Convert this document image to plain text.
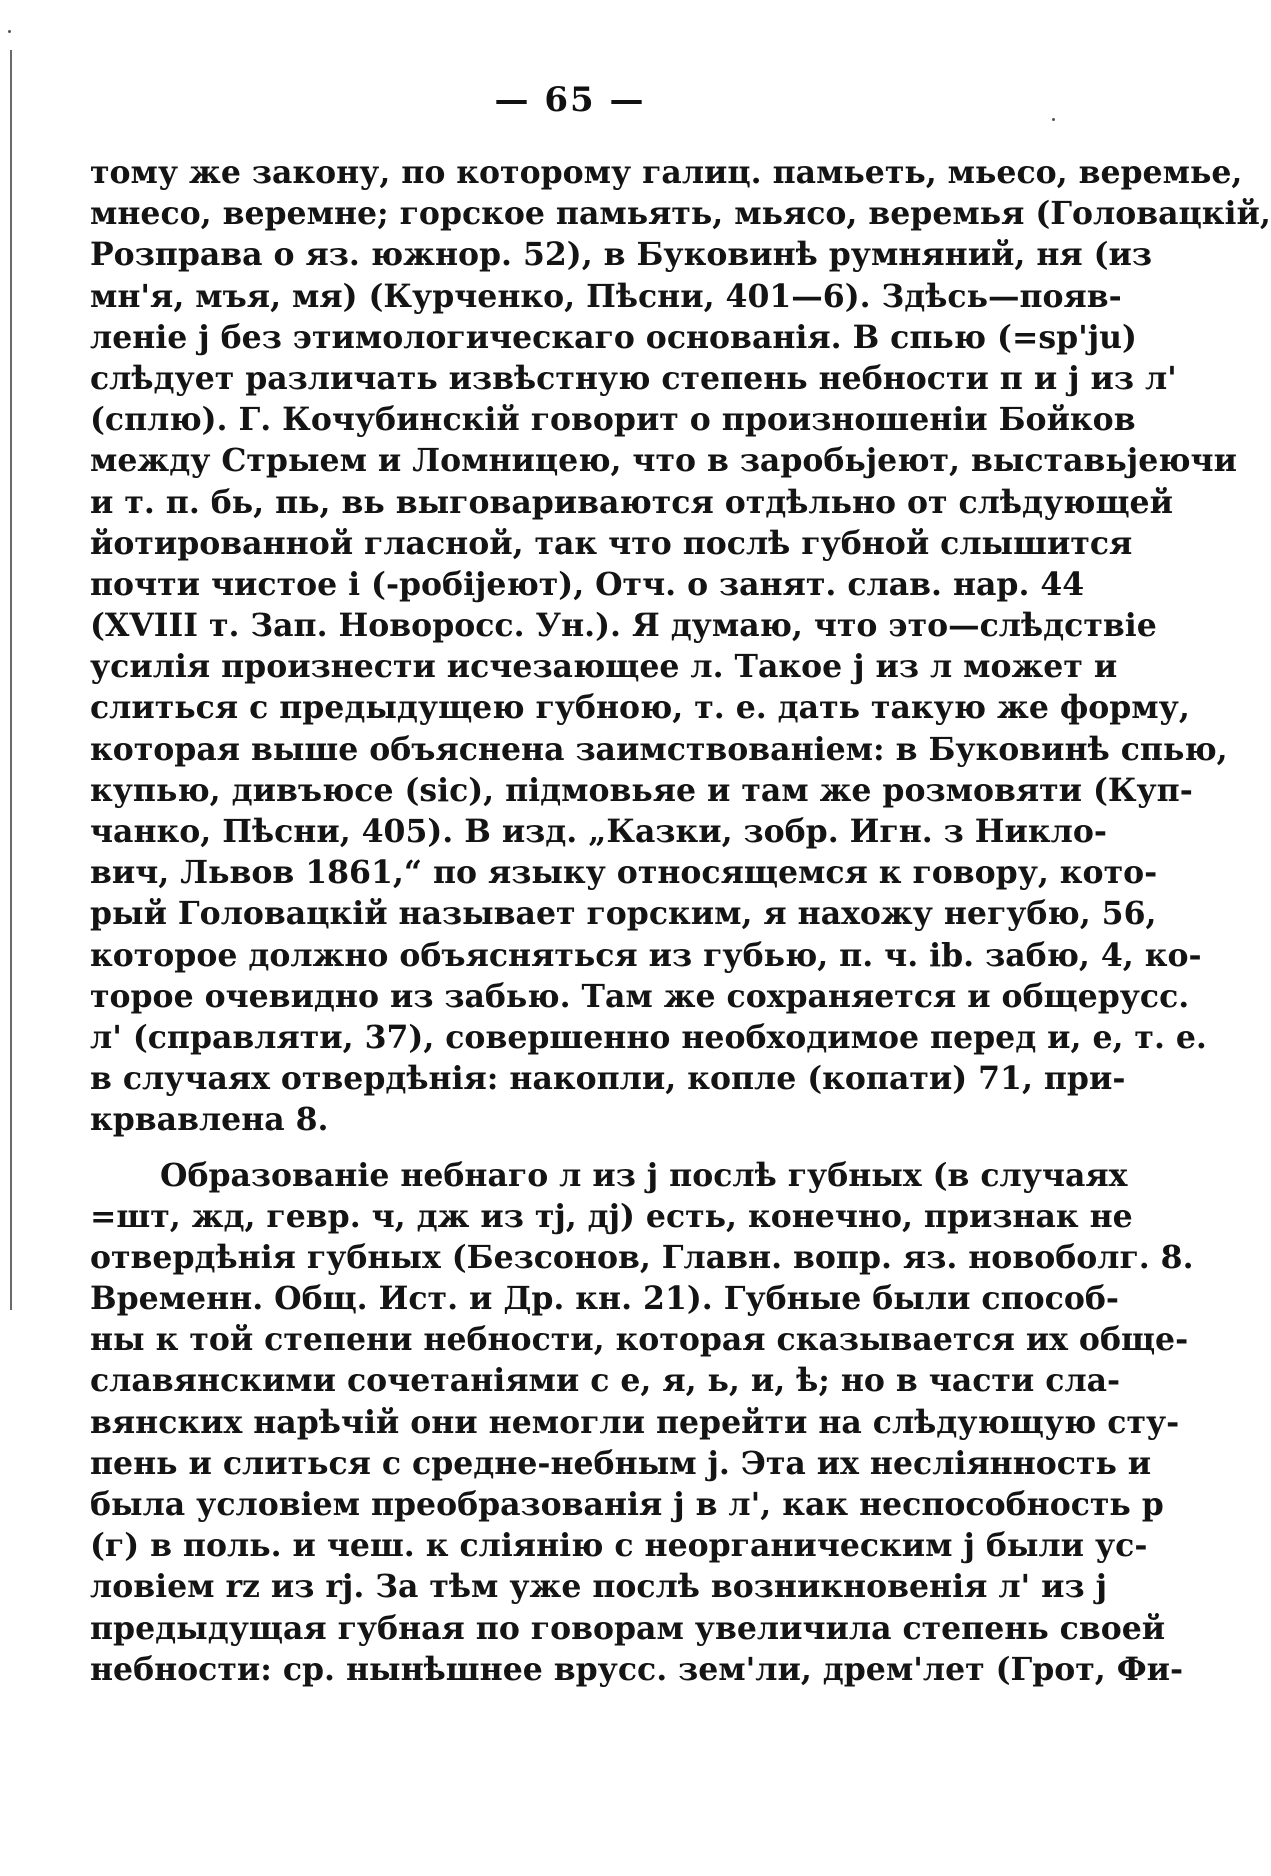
— 65 —
тому же закону, по которому галиц. памьеть, мьесо, веремье,
мнесо, веремне; горское памьять, мьясо, веремья (Головацкій,
Розправа о яз. южнор. 52), в Буковинѣ румняний, ня (из
мн'я, мъя, мя) (Курченко, Пѣсни, 401—6). Здѣсь—появ-
леніе j без этимологическаго основанія. В спью (=sp'ju)
слѣдует различать извѣстную степень небности п и j из л'
(сплю). Г. Кочубинскій говорит о произношеніи Бойков
между Стрыем и Ломницею, что в заробьjеют, выставьjеючи
и т. п. бь, пь, вь выговариваются отдѣльно от слѣдующей
йотированной гласной, так что послѣ губной слышится
почти чистое і (-робіjеют), Отч. о занят. слав. нар. 44
(XVIII т. Зап. Новоросс. Ун.). Я думаю, что это—слѣдствіе
усилія произнести исчезающее л. Такое j из л может и
слиться с предыдущею губною, т. е. дать такую же форму,
которая выше объяснена заимствованіем: в Буковинѣ спью,
купью, дивъюсе (sic), підмовьяе и там же розмовяти (Куп-
чанко, Пѣсни, 405). В изд. „Казки, зобр. Игн. з Никло-
вич, Львов 1861,“ по языку относящемся к говору, кото-
рый Головацкій называет горским, я нахожу негубю, 56,
которое должно объясняться из губью, п. ч. ib. забю, 4, ко-
торое очевидно из забью. Там же сохраняется и общерусс.
л' (справляти, 37), совершенно необходимое перед и, е, т. е.
в случаях отвердѣнія: накопли, копле (копати) 71, при-
крвавлена 8.
Образованіе небнаго л из j послѣ губных (в случаях
=шт, жд, гевр. ч, дж из тj, дj) есть, конечно, признак не
отвердѣнія губных (Безсонов, Главн. вопр. яз. новоболг. 8.
Временн. Общ. Ист. и Др. кн. 21). Губные были способ-
ны к той степени небности, которая сказывается их обще-
славянскими сочетаніями с е, я, ь, и, ѣ; но в части сла-
вянских нарѣчій они немогли перейти на слѣдующую сту-
пень и слиться с средне-небным j. Эта их несліянность и
была условіем преобразованія j в л', как неспособность р
(г) в поль. и чеш. к сліянію с неорганическим j были ус-
ловіем rz из rj. За тѣм уже послѣ возникновенія л' из j
предыдущая губная по говорам увеличила степень своей
небности: ср. нынѣшнее врусс. зем'ли, дрем'лет (Грот, Фи-
